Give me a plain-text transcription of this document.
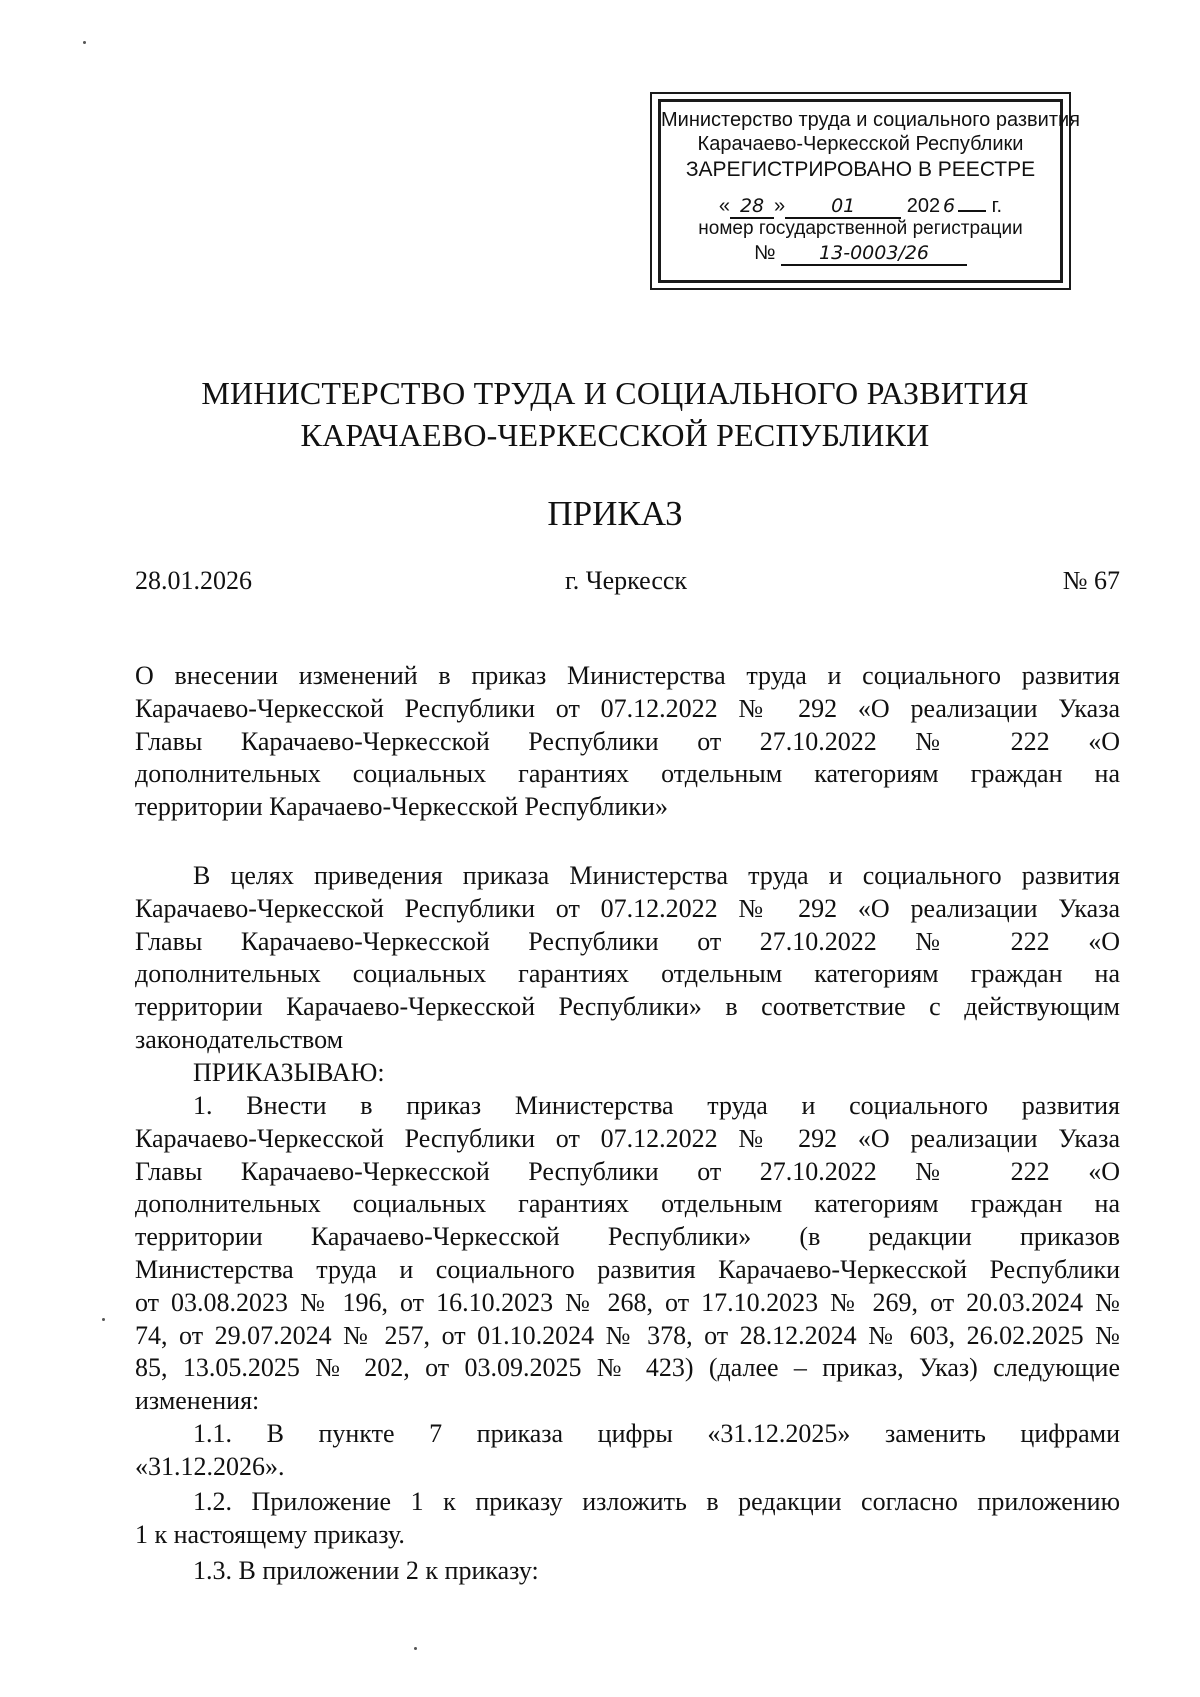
Министерство труда и социального развития
Карачаево-Черкесской Республики
ЗАРЕГИСТРИРОВАНО В РЕЕСТРЕ
« 28 » 01	202 6 г.
номер государственной регистрации
№ 13-0003/26
МИНИСТЕРСТВО ТРУДА И СОЦИАЛЬНОГО РАЗВИТИЯ
КАРАЧАЕВО-ЧЕРКЕССКОЙ РЕСПУБЛИКИ
ПРИКАЗ
28.01.2026	г. Черкесск	№ 67
О внесении изменений в приказ Министерства труда и социального развития
Карачаево-Черкесской Республики от 07.12.2022 № 292 «О реализации Указа
Главы Карачаево-Черкесской Республики от 27.10.2022 № 222 «О
дополнительных социальных гарантиях отдельным категориям граждан на
территории Карачаево-Черкесской Республики»
В целях приведения приказа Министерства труда и социального развития
Карачаево-Черкесской Республики от 07.12.2022 № 292 «О реализации Указа
Главы Карачаево-Черкесской Республики от 27.10.2022 № 222 «О
дополнительных социальных гарантиях отдельным категориям граждан на
территории Карачаево-Черкесской Республики» в соответствие с действующим
законодательством
ПРИКАЗЫВАЮ:
1. Внести в приказ Министерства труда и социального развития
Карачаево-Черкесской Республики от 07.12.2022 № 292 «О реализации Указа
Главы Карачаево-Черкесской Республики от 27.10.2022 № 222 «О
дополнительных социальных гарантиях отдельным категориям граждан на
территории Карачаево-Черкесской Республики» (в редакции приказов
Министерства труда и социального развития Карачаево-Черкесской Республики
от 03.08.2023 № 196, от 16.10.2023 № 268, от 17.10.2023 № 269, от 20.03.2024 №
74, от 29.07.2024 № 257, от 01.10.2024 № 378, от 28.12.2024 № 603, 26.02.2025 №
85, 13.05.2025 № 202, от 03.09.2025 № 423) (далее – приказ, Указ) следующие
изменения:
1.1. В пункте 7 приказа цифры «31.12.2025» заменить цифрами
«31.12.2026».
1.2. Приложение 1 к приказу изложить в редакции согласно приложению
1 к настоящему приказу.
1.3. В приложении 2 к приказу:
